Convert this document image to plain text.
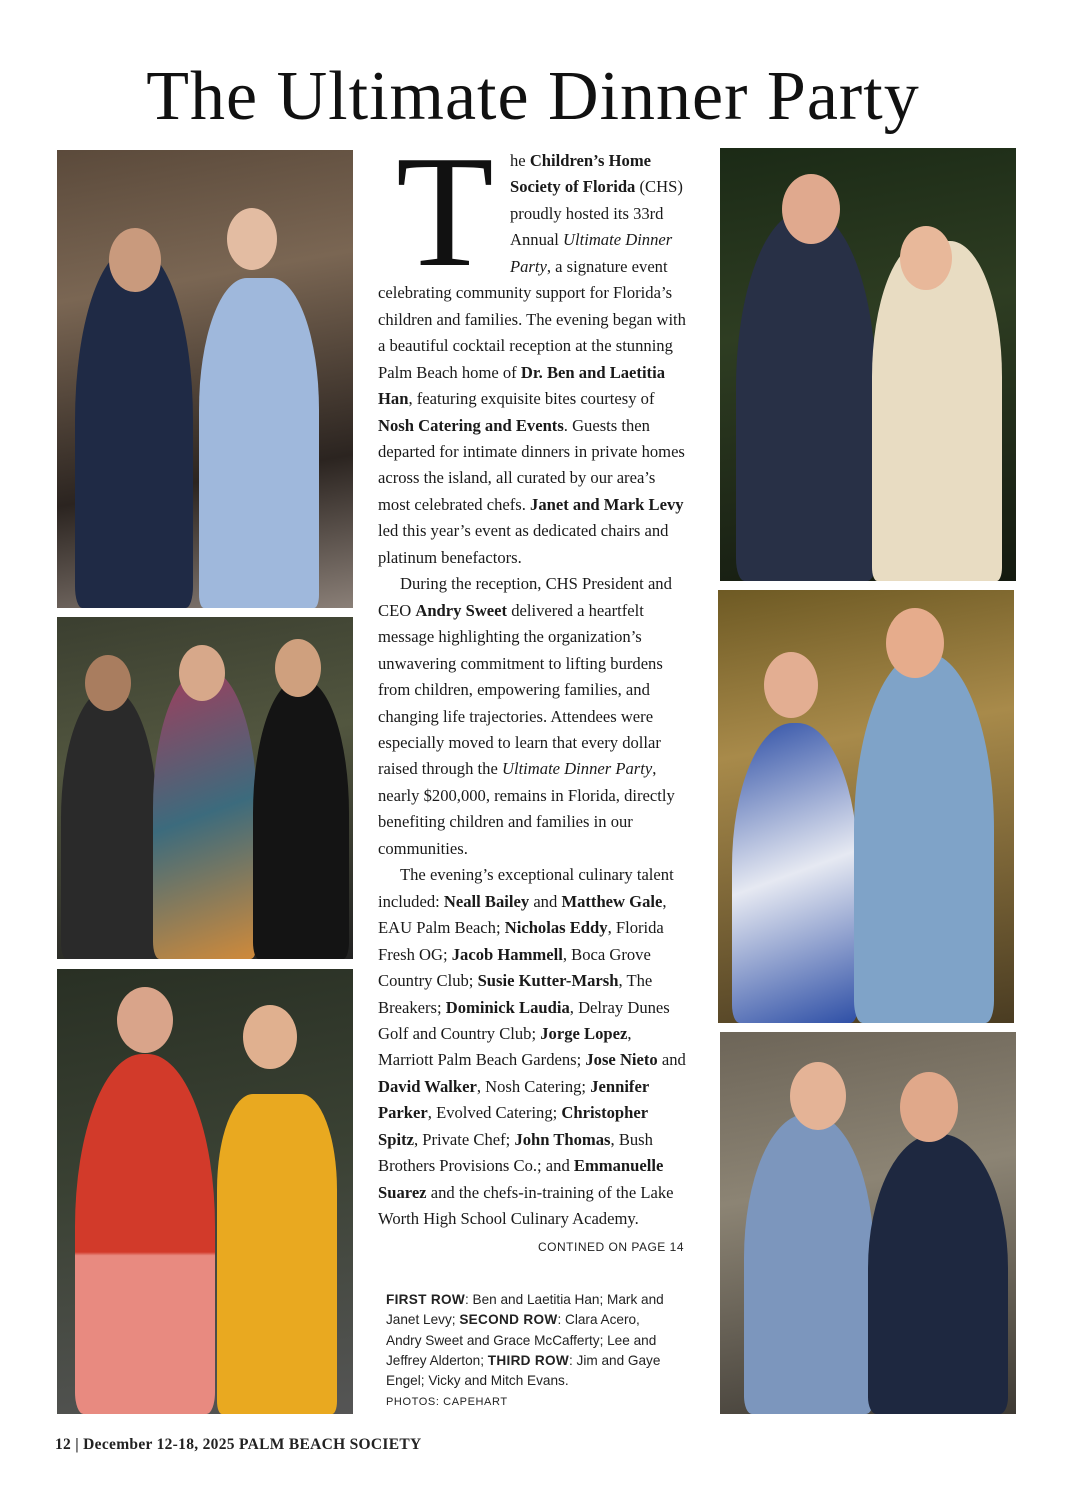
The Ultimate Dinner Party

The Children’s Home Society of Florida (CHS) proudly hosted its 33rd Annual Ultimate Dinner Party, a signature event celebrating community support for Florida’s children and families. The evening began with a beautiful cocktail reception at the stunning Palm Beach home of Dr. Ben and Laetitia Han, featuring exquisite bites courtesy of Nosh Catering and Events. Guests then departed for intimate dinners in private homes across the island, all curated by our area’s most celebrated chefs. Janet and Mark Levy led this year’s event as dedicated chairs and platinum benefactors.

During the reception, CHS President and CEO Andry Sweet delivered a heartfelt message highlighting the organization’s unwavering commitment to lifting burdens from children, empowering families, and changing life trajectories. Attendees were especially moved to learn that every dollar raised through the Ultimate Dinner Party, nearly $200,000, remains in Florida, directly benefiting children and families in our communities.

The evening’s exceptional culinary talent included: Neall Bailey and Matthew Gale, EAU Palm Beach; Nicholas Eddy, Florida Fresh OG; Jacob Hammell, Boca Grove Country Club; Susie Kutter-Marsh, The Breakers; Dominick Laudia, Delray Dunes Golf and Country Club; Jorge Lopez, Marriott Palm Beach Gardens; Jose Nieto and David Walker, Nosh Catering; Jennifer Parker, Evolved Catering; Christopher Spitz, Private Chef; John Thomas, Bush Brothers Provisions Co.; and Emmanuelle Suarez and the chefs-in-training of the Lake Worth High School Culinary Academy.

CONTINED ON PAGE 14
FIRST ROW: Ben and Laetitia Han; Mark and Janet Levy; SECOND ROW: Clara Acero, Andry Sweet and Grace McCafferty; Lee and Jeffrey Alderton; THIRD ROW: Jim and Gaye Engel; Vicky and Mitch Evans.
PHOTOS: CAPEHART
12 | December 12-18, 2025 PALM BEACH SOCIETY
